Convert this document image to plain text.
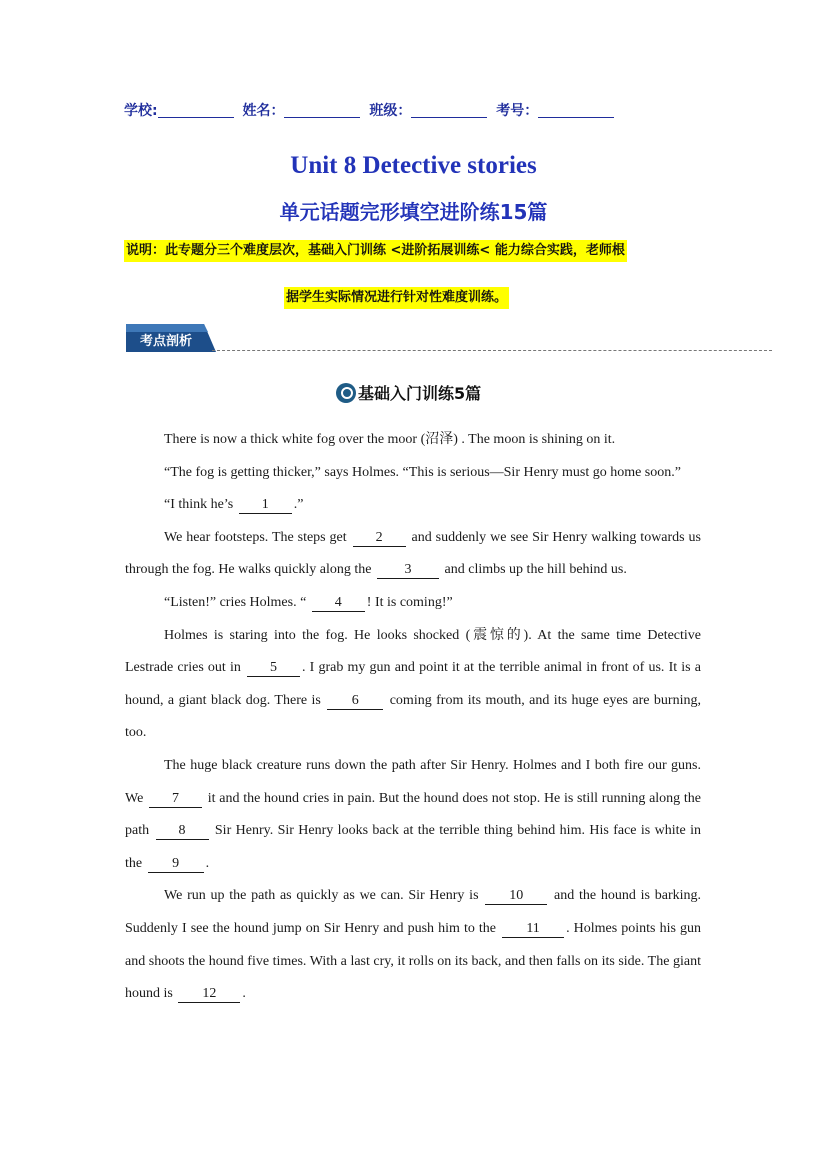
学校:	姓名：	班级：	考号：
Unit 8 Detective stories
单元话题完形填空进阶练15篇
说明：此专题分三个难度层次，基础入门训练 <进阶拓展训练< 能力综合实践，老师根
据学生实际情况进行针对性难度训练。
考点剖析
基础入门训练5篇

There is now a thick white fog over the moor (沼泽) . The moon is shining on it.

“The fog is getting thicker,” says Holmes. “This is serious—Sir Henry must go home soon.”

“I think he’s 1 .”

We hear footsteps. The steps get 2 and suddenly we see Sir Henry walking towards us through the fog. He walks quickly along the 3 and climbs up the hill behind us.

“Listen!” cries Holmes. “ 4 ! It is coming!”

Holmes is staring into the fog. He looks shocked (震惊的). At the same time Detective Lestrade cries out in 5 . I grab my gun and point it at the terrible animal in front of us. It is a hound, a giant black dog. There is 6 coming from its mouth, and its huge eyes are burning, too.

The huge black creature runs down the path after Sir Henry. Holmes and I both fire our guns. We 7 it and the hound cries in pain. But the hound does not stop. He is still running along the path 8 Sir Henry. Sir Henry looks back at the terrible thing behind him. His face is white in the 9 .

We run up the path as quickly as we can. Sir Henry is 10 and the hound is barking. Suddenly I see the hound jump on Sir Henry and push him to the 11 . Holmes points his gun and shoots the hound five times. With a last cry, it rolls on its back, and then falls on its side. The giant hound is 12 .
